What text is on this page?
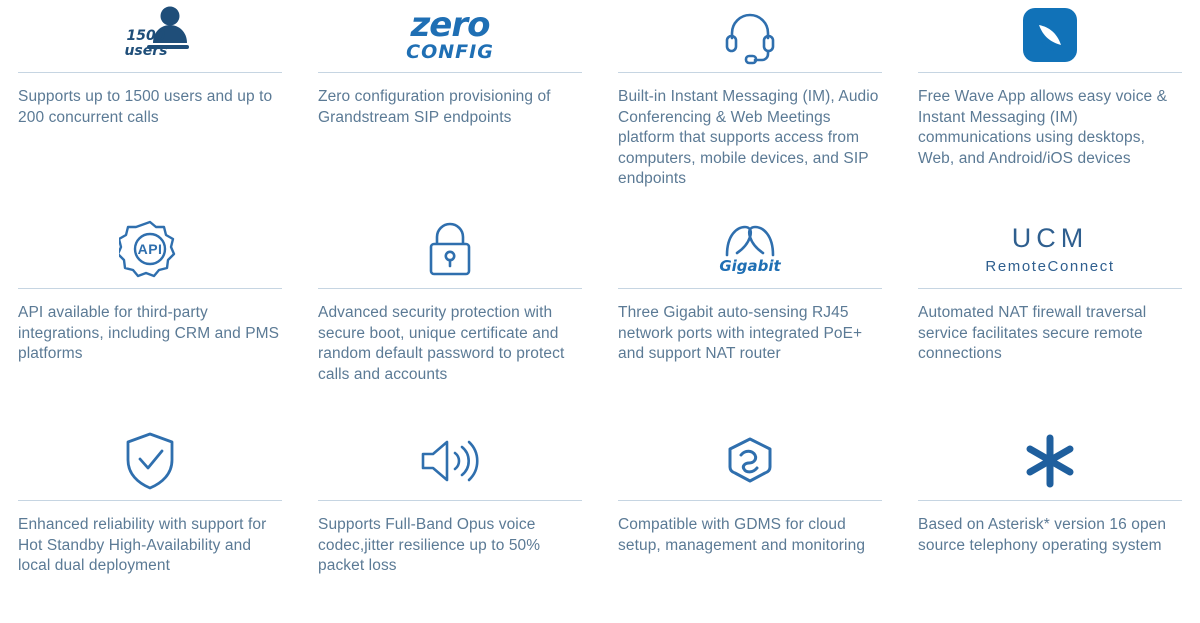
1500
users
Supports up to 1500 users and up to 200 concurrent calls
zero
CONFIG
Zero configuration provisioning of Grandstream SIP endpoints
Built-in Instant Messaging (IM), Audio Conferencing & Web Meetings platform that supports access from computers, mobile devices, and SIP endpoints
Free Wave App allows easy voice & Instant Messaging (IM) communications using desktops, Web, and Android/iOS devices
API
API available for third-party integrations, including CRM and PMS platforms
Advanced security protection with secure boot, unique certificate and random default password to protect calls and accounts
Gigabit
Three Gigabit auto-sensing RJ45 network ports with integrated PoE+ and support NAT router
UCM
RemoteConnect
Automated NAT firewall traversal service facilitates secure remote connections
Enhanced reliability with support for Hot Standby High-Availability and local dual deployment
Supports Full-Band Opus voice codec,jitter resilience up to 50% packet loss
Compatible with GDMS for cloud setup, management and monitoring
Based on Asterisk* version 16 open source telephony operating system
